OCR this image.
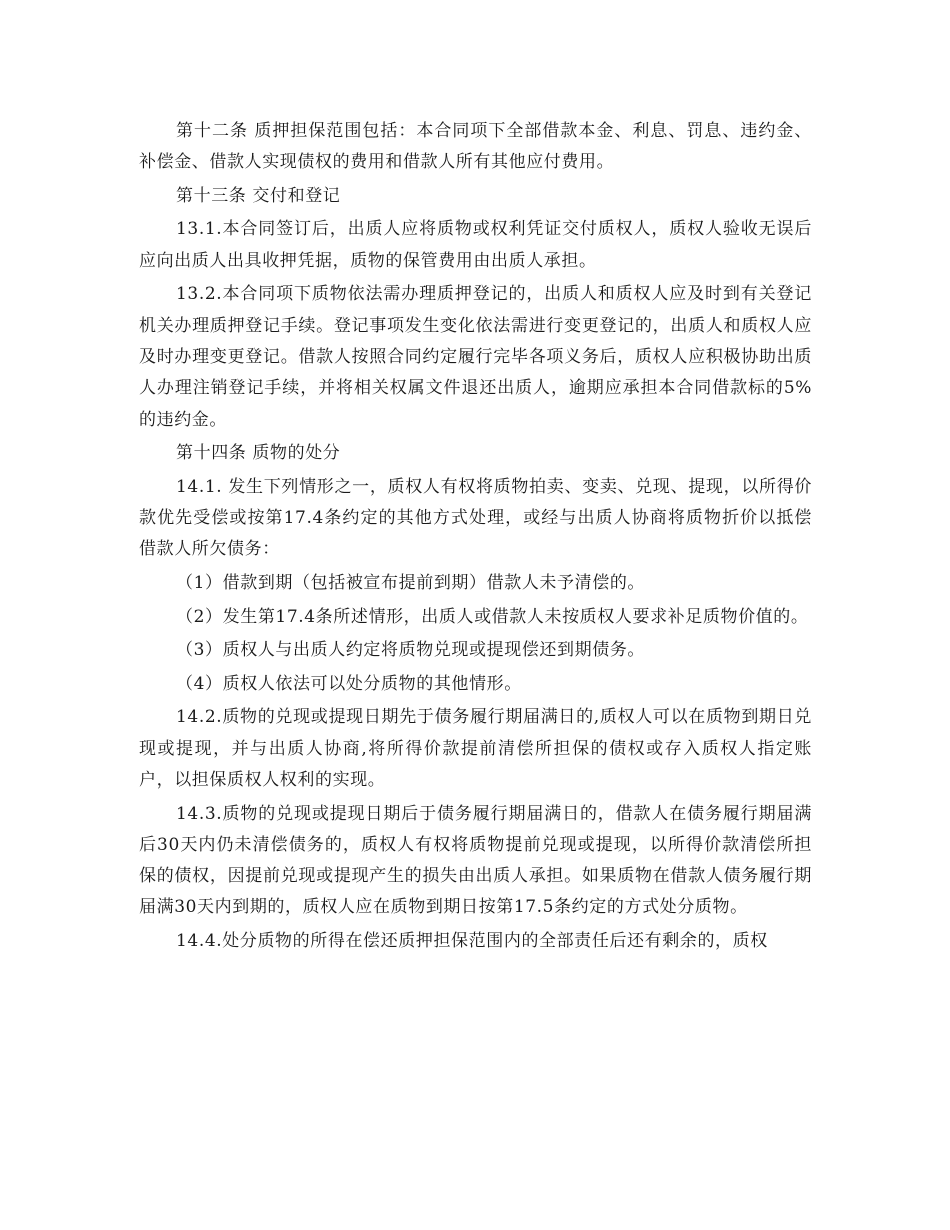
第十二条 质押担保范围包括：本合同项下全部借款本金、利息、罚息、违约金、补偿金、借款人实现债权的费用和借款人所有其他应付费用。

第十三条 交付和登记

13.1.本合同签订后，出质人应将质物或权利凭证交付质权人，质权人验收无误后应向出质人出具收押凭据，质物的保管费用由出质人承担。

13.2.本合同项下质物依法需办理质押登记的，出质人和质权人应及时到有关登记机关办理质押登记手续。登记事项发生变化依法需进行变更登记的，出质人和质权人应及时办理变更登记。借款人按照合同约定履行完毕各项义务后，质权人应积极协助出质人办理注销登记手续，并将相关权属文件退还出质人，逾期应承担本合同借款标的5%的违约金。

第十四条 质物的处分

14.1. 发生下列情形之一，质权人有权将质物拍卖、变卖、兑现、提现，以所得价款优先受偿或按第17.4条约定的其他方式处理，或经与出质人协商将质物折价以抵偿借款人所欠债务：

（1）借款到期（包括被宣布提前到期）借款人未予清偿的。

（2）发生第17.4条所述情形，出质人或借款人未按质权人要求补足质物价值的。

（3）质权人与出质人约定将质物兑现或提现偿还到期债务。

（4）质权人依法可以处分质物的其他情形。

14.2.质物的兑现或提现日期先于债务履行期届满日的,质权人可以在质物到期日兑现或提现，并与出质人协商,将所得价款提前清偿所担保的债权或存入质权人指定账户，以担保质权人权利的实现。

14.3.质物的兑现或提现日期后于债务履行期届满日的，借款人在债务履行期届满后30天内仍未清偿债务的，质权人有权将质物提前兑现或提现，以所得价款清偿所担保的债权，因提前兑现或提现产生的损失由出质人承担。如果质物在借款人债务履行期届满30天内到期的，质权人应在质物到期日按第17.5条约定的方式处分质物。

14.4.处分质物的所得在偿还质押担保范围内的全部责任后还有剩余的，质权
